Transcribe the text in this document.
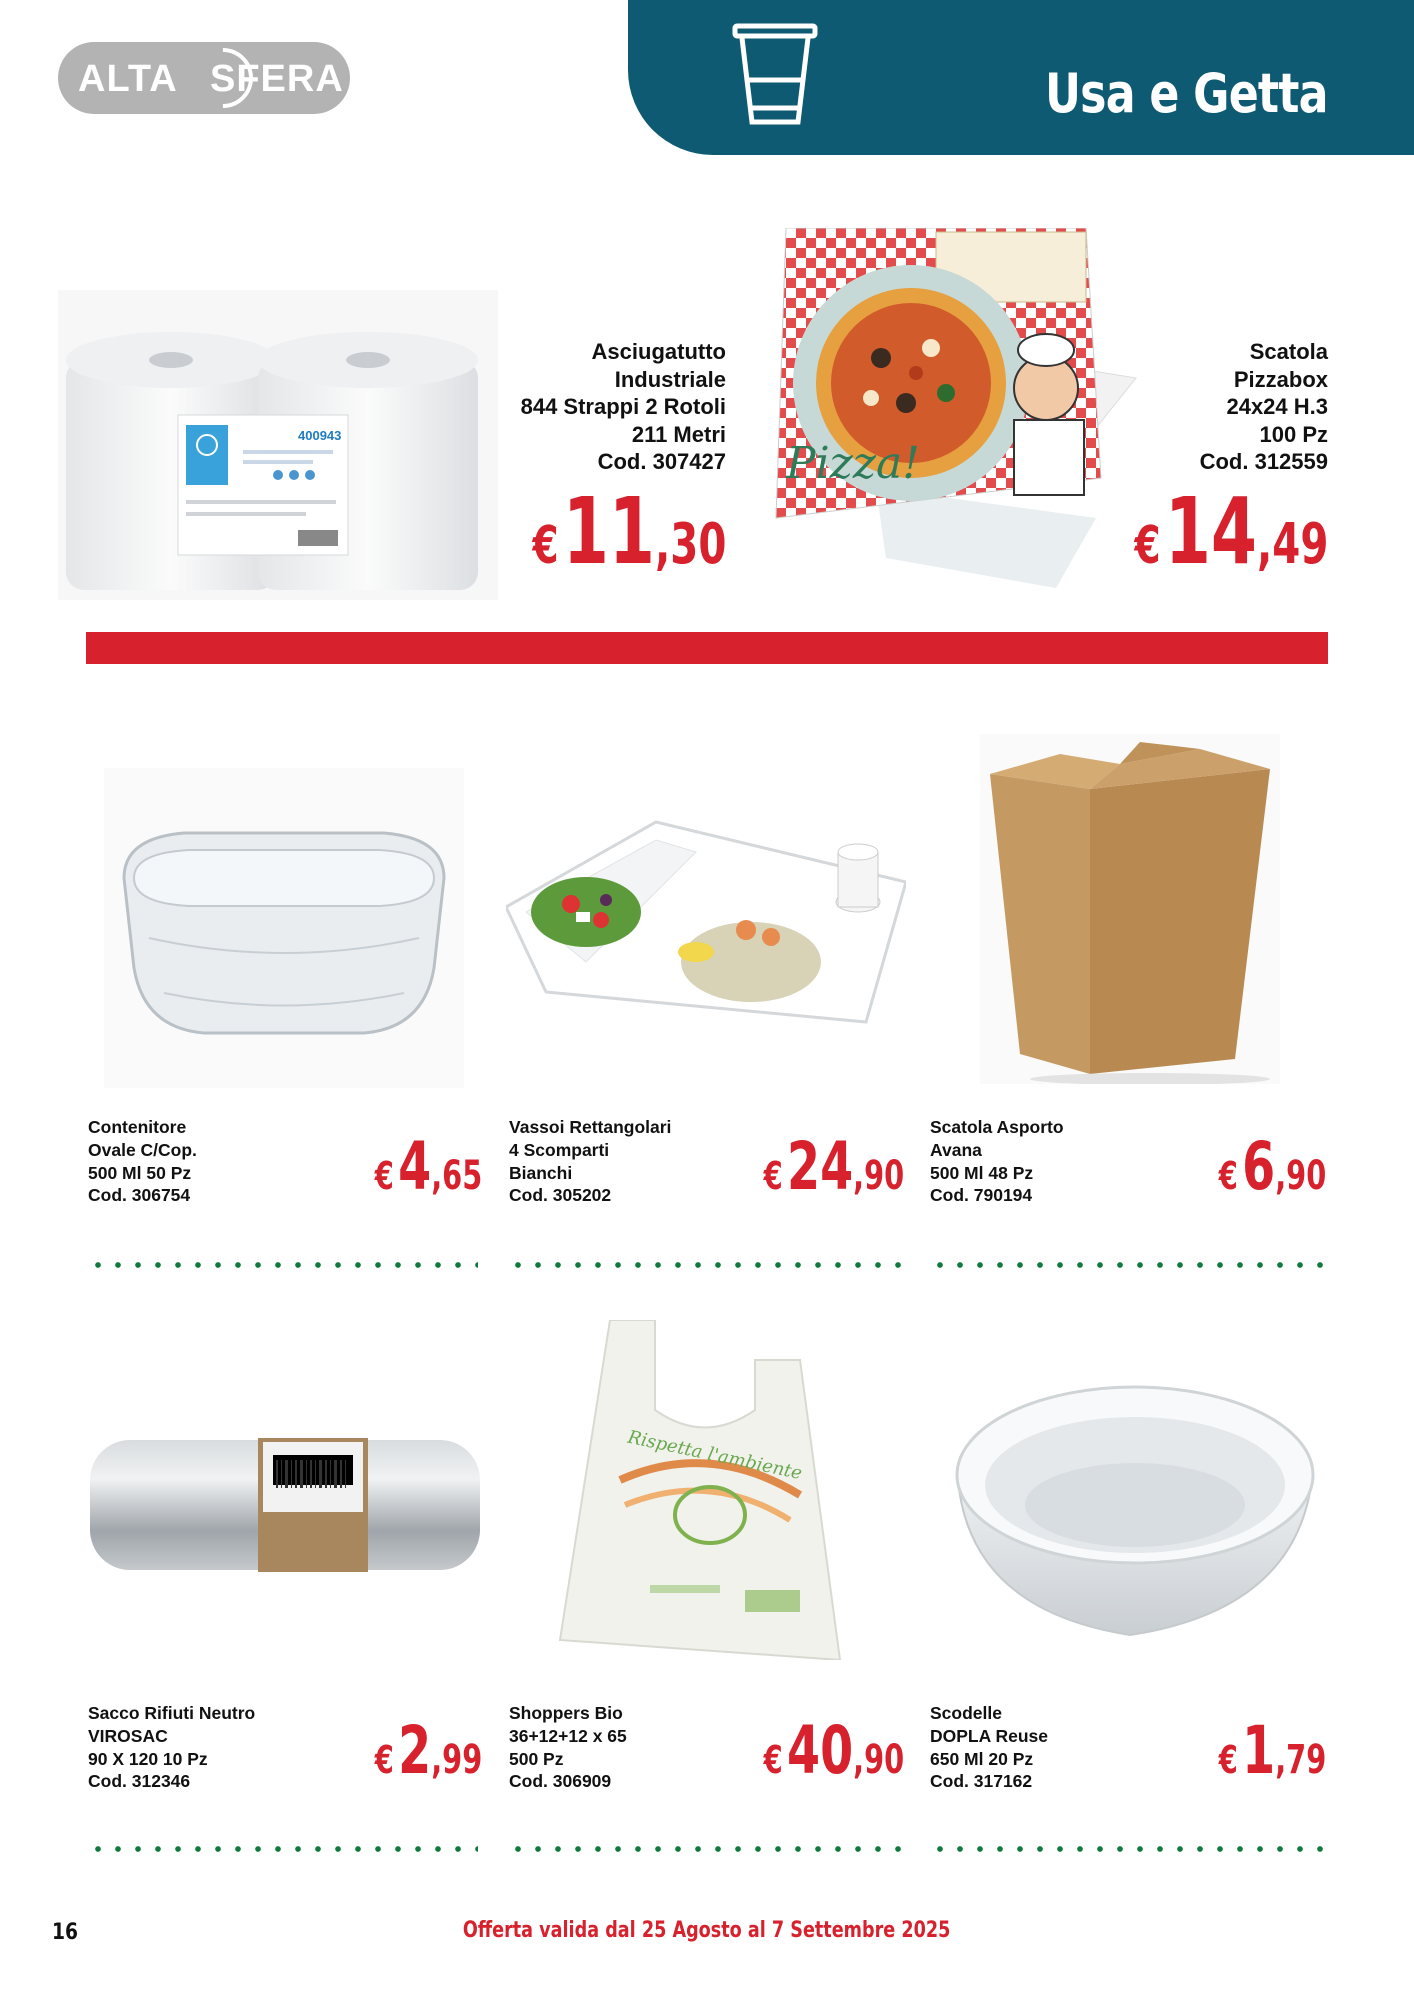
ALTA SFERA	Usa e Getta
400943
Asciugatutto
Industriale
844 Strappi 2 Rotoli
211 Metri
Cod. 307427
€11,30
Pizza!
Scatola
Pizzabox
24x24 H.3
100 Pz
Cod. 312559
€14,49
Contenitore
Ovale C/Cop.
500 Ml 50 Pz
Cod. 306754	€4,65
Vassoi Rettangolari
4 Scomparti
Bianchi
Cod. 305202	€24,90
Scatola Asporto
Avana
500 Ml 48 Pz
Cod. 790194	€6,90
Sacco Rifiuti Neutro
VIROSAC
90 X 120 10 Pz
Cod. 312346	€2,99
Rispetta l'ambiente
Shoppers Bio
36+12+12 x 65
500 Pz
Cod. 306909	€40,90
Scodelle
DOPLA Reuse
650 Ml 20 Pz
Cod. 317162	€1,79
16	Offerta valida dal 25 Agosto al 7 Settembre 2025
